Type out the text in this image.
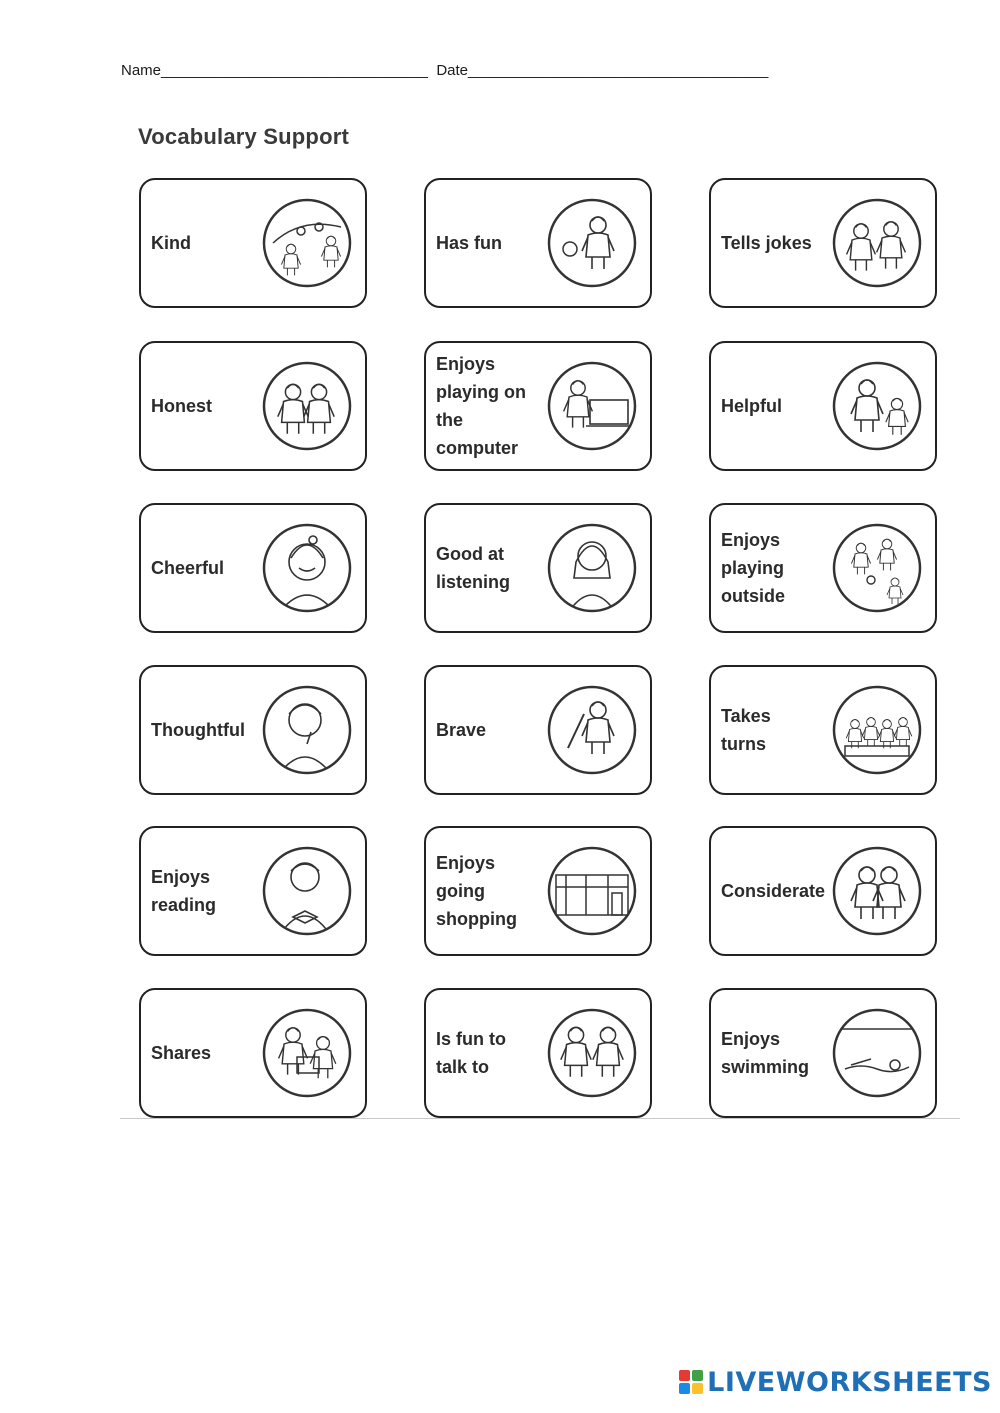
Name________________________________ Date____________________________________
Vocabulary Support
Kind	Has fun	Tells jokes
Honest
Enjoys
playing on
the
computer
Helpful
Cheerful
Good at
listening
Enjoys
playing
outside
Thoughtful	Brave
Takes
turns
Enjoys
reading
Enjoys
going
shopping
Considerate
Shares
Is fun to
talk to
Enjoys
swimming
LIVEWORKSHEETS
